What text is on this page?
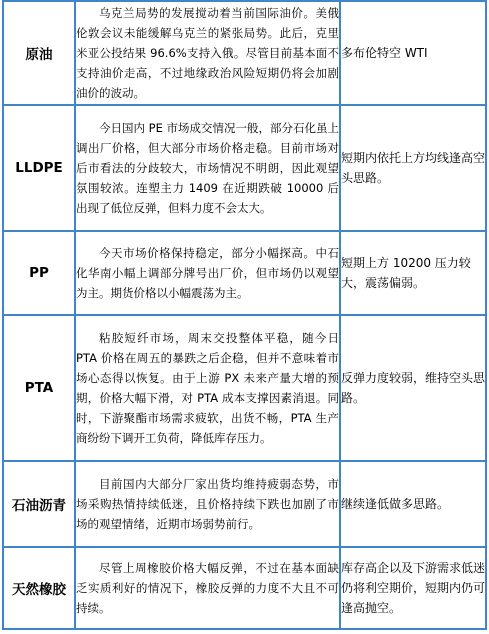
原油	乌克兰局势的发展搅动着当前国际油价。美俄伦敦会议未能缓解乌克兰的紧张局势。此后，克里米亚公投结果 96.6%支持入俄。尽管目前基本面不支持油价走高，不过地缘政治风险短期仍将会加剧油价的波动。	多布伦特空 WTI
LLDPE	今日国内 PE 市场成交情况一般，部分石化虽上调出厂价格，但大部分市场价格走稳。目前市场对后市看法的分歧较大，市场情况不明朗，因此观望氛围较浓。连塑主力 1409 在近期跌破 10000 后出现了低位反弹，但料力度不会太大。	短期内依托上方均线逢高空头思路。
PP	今天市场价格保持稳定，部分小幅探高。中石化华南小幅上调部分牌号出厂价，但市场仍以观望为主。期货价格以小幅震荡为主。	短期上方 10200 压力较大，震荡偏弱。
PTA	粘胶短纤市场，周末交投整体平稳，随今日 PTA 价格在周五的暴跌之后企稳，但并不意味着市场心态得以恢复。由于上游 PX 未来产量大增的预期，价格大幅下滑，对 PTA 成本支撑因素消退。同时，下游聚酯市场需求疲软，出货不畅，PTA 生产商纷纷下调开工负荷，降低库存压力。	反弹力度较弱，维持空头思路。
石油沥青	目前国内大部分厂家出货均维持疲弱态势，市场采购热情持续低迷，且价格持续下跌也加剧了市场的观望情绪，近期市场弱势前行。	继续逢低做多思路。
天然橡胶	尽管上周橡胶价格大幅反弹，不过在基本面缺乏实质利好的情况下，橡胶反弹的力度不大且不可持续。	库存高企以及下游需求低迷仍将利空期价，短期内仍可逢高抛空。
